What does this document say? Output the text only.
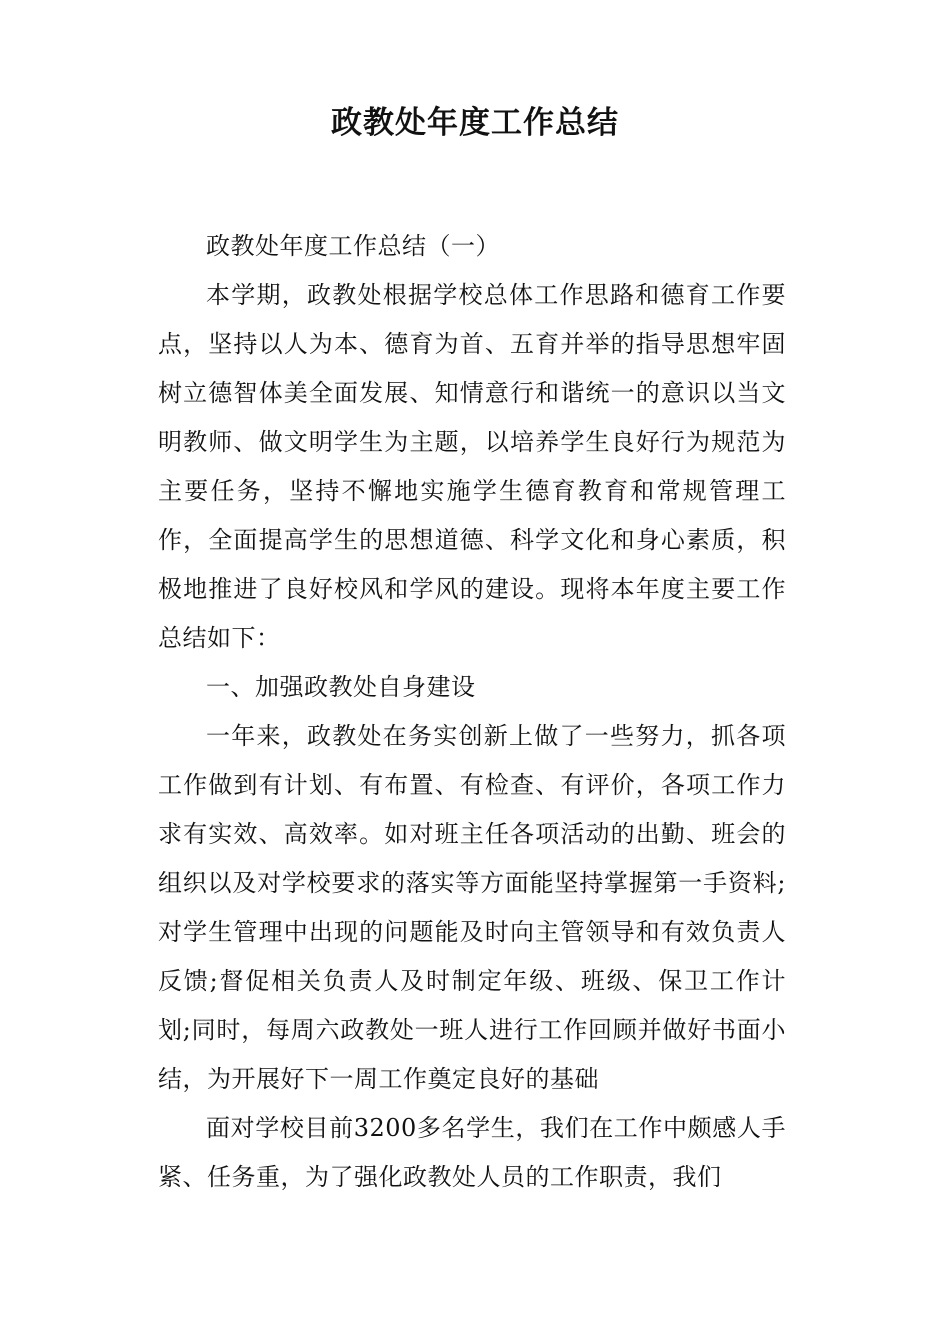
政教处年度工作总结

政教处年度工作总结（一）

本学期，政教处根据学校总体工作思路和德育工作要点，坚持以人为本、德育为首、五育并举的指导思想牢固树立德智体美全面发展、知情意行和谐统一的意识以当文明教师、做文明学生为主题，以培养学生良好行为规范为主要任务，坚持不懈地实施学生德育教育和常规管理工作，全面提高学生的思想道德、科学文化和身心素质，积极地推进了良好校风和学风的建设。现将本年度主要工作总结如下：

一、加强政教处自身建设

一年来，政教处在务实创新上做了一些努力，抓各项工作做到有计划、有布置、有检查、有评价，各项工作力求有实效、高效率。如对班主任各项活动的出勤、班会的组织以及对学校要求的落实等方面能坚持掌握第一手资料;对学生管理中出现的问题能及时向主管领导和有效负责人反馈;督促相关负责人及时制定年级、班级、保卫工作计划;同时，每周六政教处一班人进行工作回顾并做好书面小结，为开展好下一周工作奠定良好的基础

面对学校目前3200多名学生，我们在工作中颇感人手紧、任务重，为了强化政教处人员的工作职责，我们
